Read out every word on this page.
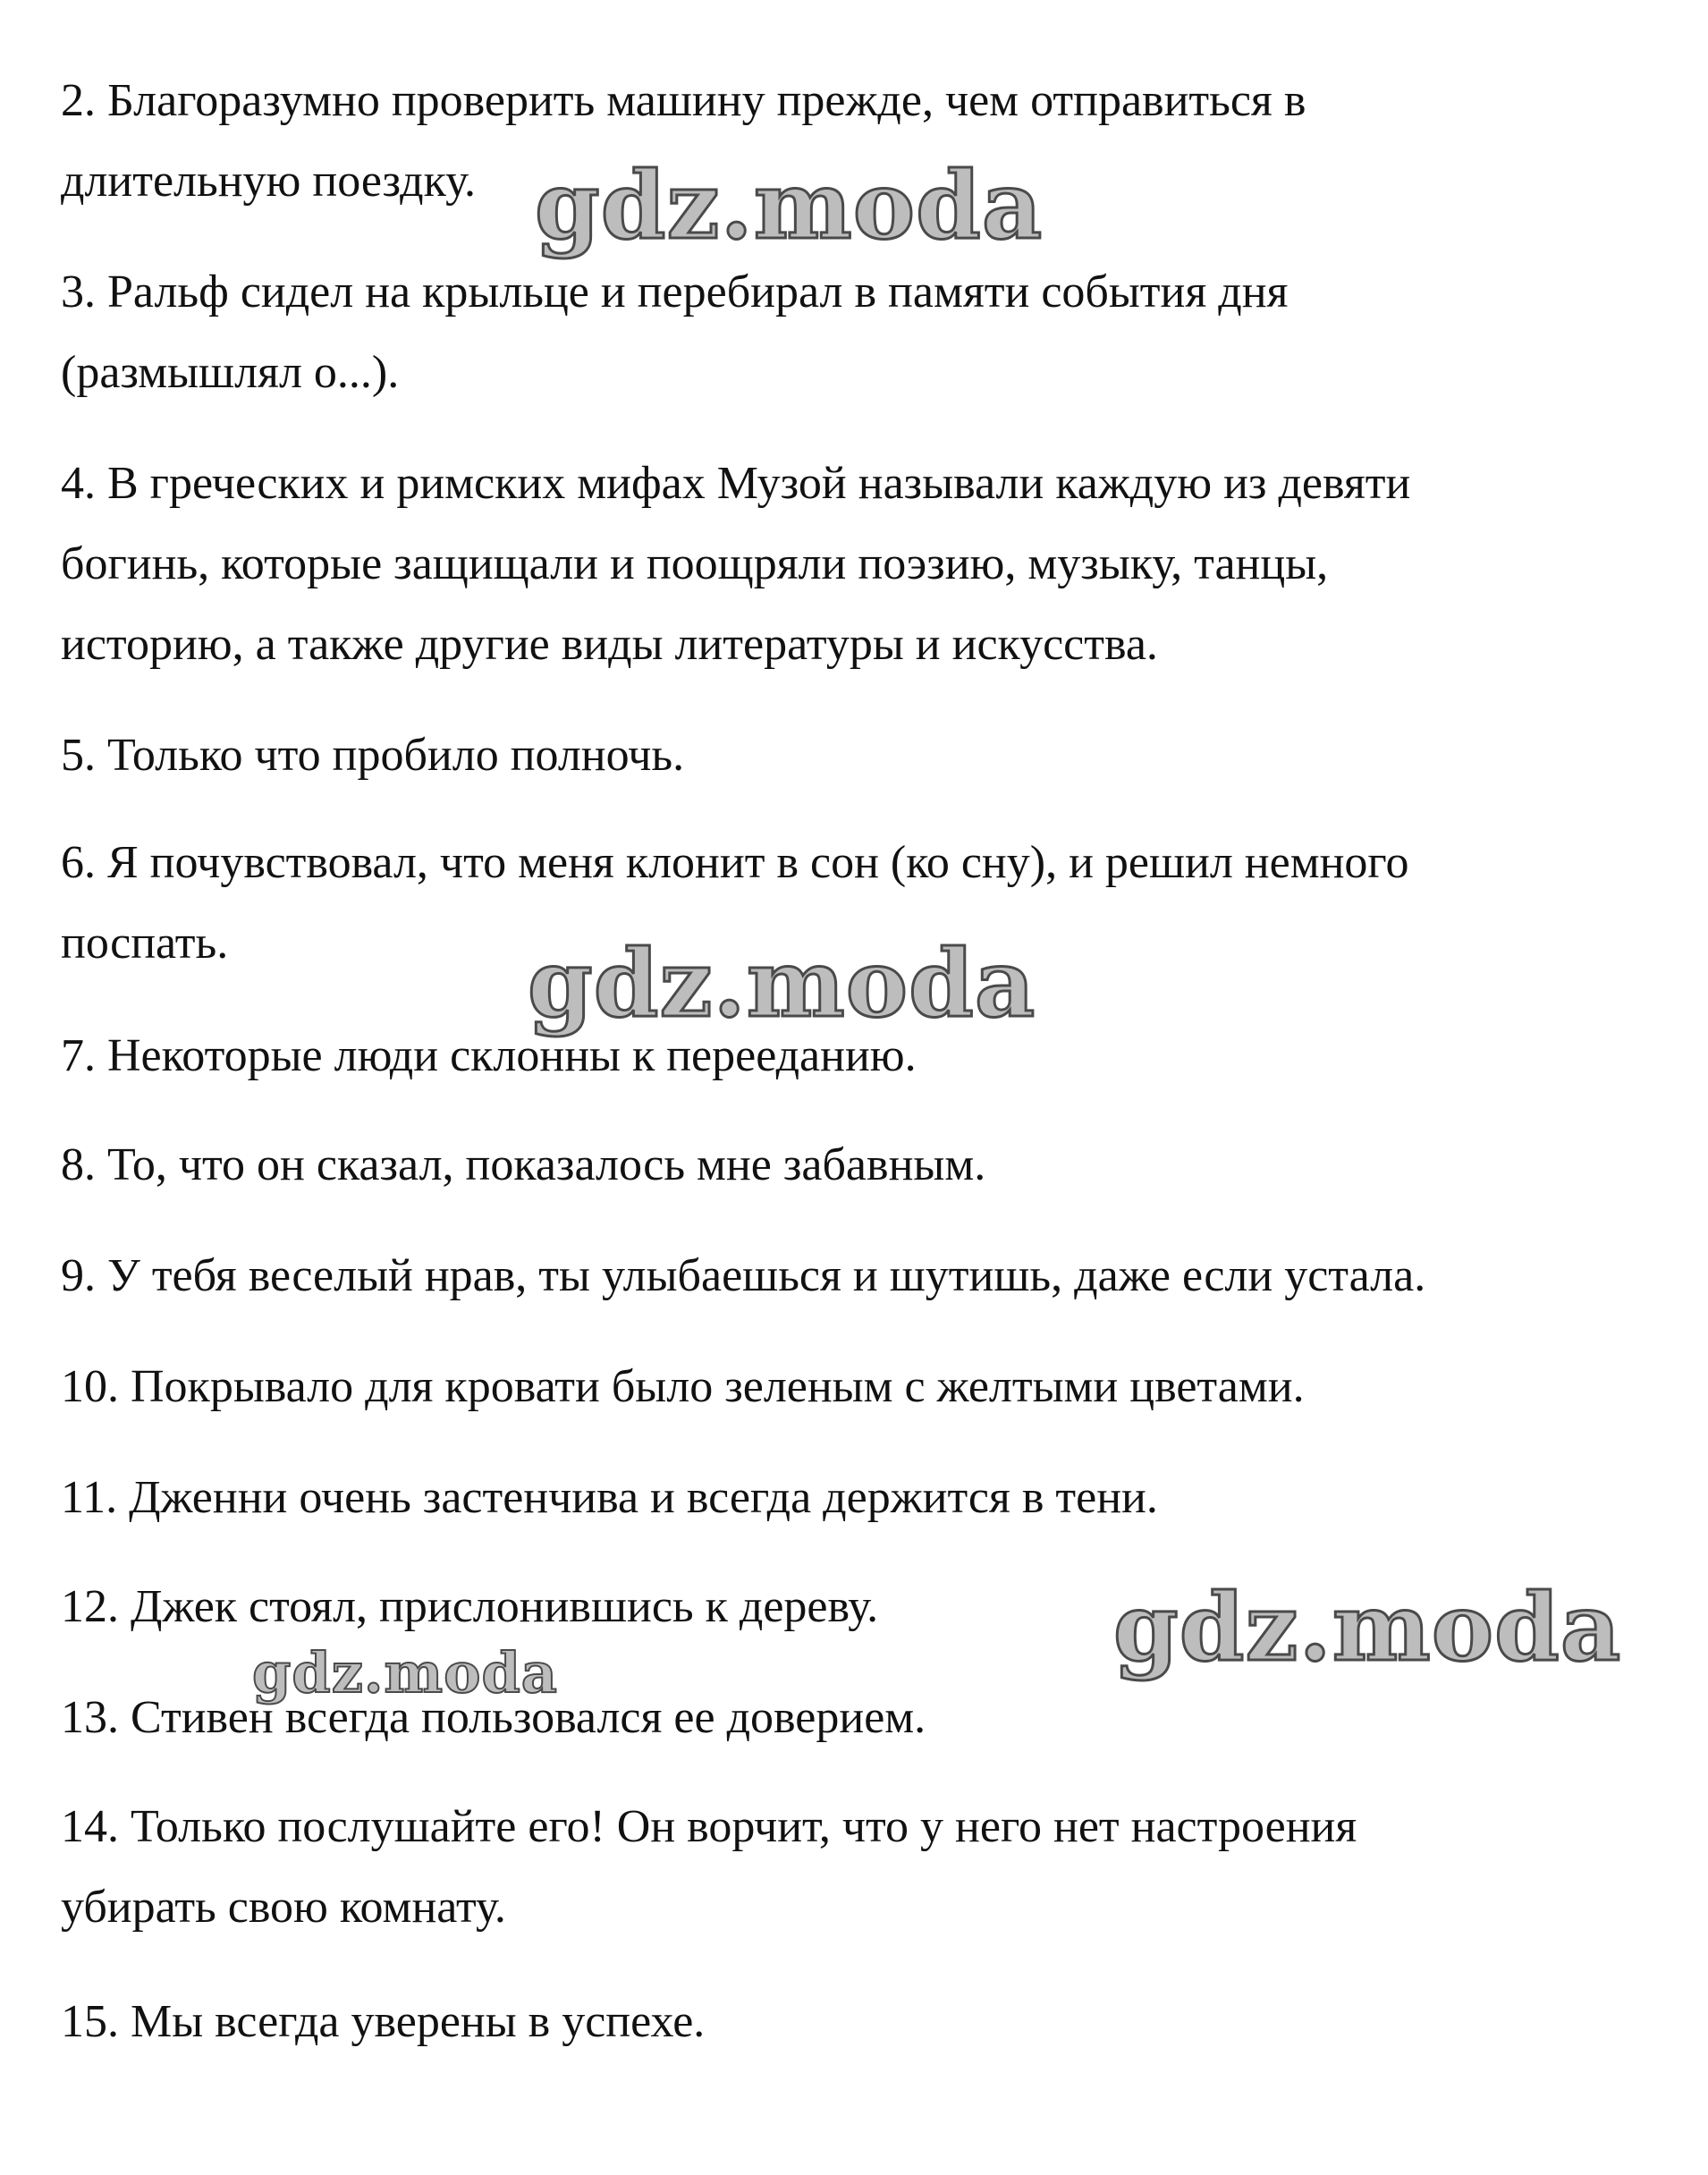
2. Благоразумно проверить машину прежде, чем отправиться в
длительную поездку.
3. Ральф сидел на крыльце и перебирал в памяти события дня
(размышлял о...).
4. В греческих и римских мифах Музой называли каждую из девяти
богинь, которые защищали и поощряли поэзию, музыку, танцы,
историю, а также другие виды литературы и искусства.
5. Только что пробило полночь.
6. Я почувствовал, что меня клонит в сон (ко сну), и решил немного
поспать.
7. Некоторые люди склонны к перееданию.
8. То, что он сказал, показалось мне забавным.
9. У тебя веселый нрав, ты улыбаешься и шутишь, даже если устала.
10. Покрывало для кровати было зеленым с желтыми цветами.
11. Дженни очень застенчива и всегда держится в тени.
12. Джек стоял, прислонившись к дереву.
13. Стивен всегда пользовался ее доверием.
14. Только послушайте его! Он ворчит, что у него нет настроения
убирать свою комнату.
15. Мы всегда уверены в успехе.
gdz.moda
gdz.moda
gdz.moda
gdz.moda
